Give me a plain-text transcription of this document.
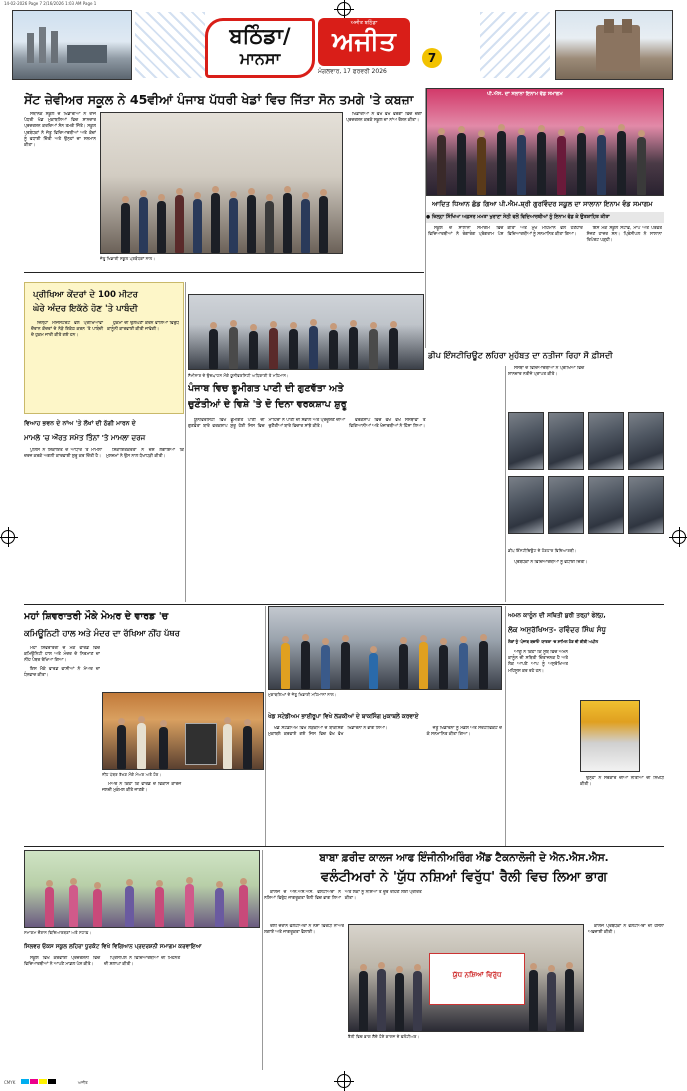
14-02-2026 Page 7 2/16/2026 1:03 AM Page 1
ਬਠਿੰਡਾ/
ਮਾਨਸਾ
ਅਜੀਤ ਬਠਿੰਡਾ
ਅਜੀਤ
ਮੰਗਲਵਾਰ, 17 ਫਰਵਰੀ 2026
7
ਸੇਂਟ ਜ਼ੇਵੀਅਰ ਸਕੂਲ ਨੇ 45ਵੀਆਂ ਪੰਜਾਬ ਪੱਧਰੀ ਖੇਡਾਂ ਵਿਚ ਜਿੱਤਾ ਸੋਨ ਤਮਗੇ 'ਤੇ ਕਬਜ਼ਾ

ਸਥਾਨਕ ਸਕੂਲ ਦੇ ਖਿਡਾਰੀਆਂ ਨੇ ਰਾਜ ਪੱਧਰੀ ਖੇਡ ਮੁਕਾਬਲਿਆਂ ਵਿਚ ਸ਼ਾਨਦਾਰ ਪ੍ਰਦਰਸ਼ਨ ਕਰਦਿਆਂ ਸੋਨ ਤਮਗੇ ਜਿੱਤੇ। ਸਕੂਲ ਪ੍ਰਬੰਧਕਾਂ ਨੇ ਜੇਤੂ ਵਿਦਿਆਰਥੀਆਂ ਅਤੇ ਕੋਚਾਂ ਨੂੰ ਵਧਾਈ ਦਿੱਤੀ ਅਤੇ ਉਨ੍ਹਾਂ ਦਾ ਸਨਮਾਨ ਕੀਤਾ।

ਜੇਤੂ ਖਿਡਾਰੀ ਸਕੂਲ ਪ੍ਰਬੰਧਕਾਂ ਨਾਲ।

ਖਿਡਾਰੀਆਂ ਨੇ ਵੱਖ ਵੱਖ ਵਰਗਾਂ ਵਿਚ ਚੰਗਾ ਪ੍ਰਦਰਸ਼ਨ ਕਰਕੇ ਸਕੂਲ ਦਾ ਨਾਂਅ ਰੌਸ਼ਨ ਕੀਤਾ।

ਪੀ.ਐਸ. ਦਾ ਸਲਾਨਾ ਇਨਾਮ ਵੰਡ ਸਮਾਗਮ
ਆਦਿਤ ਧਿਆਨ ਛੱਡ ਗਿਆ ਪੀ.ਐਮ.ਸ਼੍ਰੀ ਗੁਰਵਿੰਦਰ ਸਕੂਲ ਦਾ ਸਾਲਾਨਾ ਇਨਾਮ ਵੰਡ ਸਮਾਗਮ
● ਜ਼ਿਲ੍ਹਾ ਸਿੱਖਿਆ ਅਫ਼ਸਰ ਮਮਤਾ ਖੁਰਾਣਾ ਸੇਠੀ ਵਲੋਂ ਵਿਦਿਆਰਥੀਆਂ ਨੂੰ ਇਨਾਮ ਵੰਡ ਕੇ ਉਤਸ਼ਾਹਿਤ ਕੀਤਾ

ਸਕੂਲ ਦੇ ਸਾਲਾਨਾ ਸਮਾਗਮ ਵਿਚ ਵਿਦਿਆਰਥੀਆਂ ਨੇ ਰੰਗਾਰੰਗ ਪ੍ਰੋਗਰਾਮ ਪੇਸ਼ ਕੀਤਾ ਅਤੇ ਮੁੱਖ ਮਹਿਮਾਨ ਵਲੋਂ ਹੋਣਹਾਰ ਵਿਦਿਆਰਥੀਆਂ ਨੂੰ ਸਨਮਾਨਿਤ ਕੀਤਾ ਗਿਆ।

ਇਸ ਮੌਕੇ ਸਕੂਲ ਸਟਾਫ਼, ਮਾਪੇ ਅਤੇ ਪਤਵੰਤੇ ਸੱਜਣ ਹਾਜ਼ਰ ਸਨ। ਪ੍ਰਿੰਸੀਪਲ ਨੇ ਸਾਲਾਨਾ ਰਿਪੋਰਟ ਪੜ੍ਹੀ।

ਪ੍ਰੀਖਿਆ ਕੇਂਦਰਾਂ ਦੇ 100 ਮੀਟਰ
ਘੇਰੇ ਅੰਦਰ ਇਕੱਠੇ ਹੋਣ 'ਤੇ ਪਾਬੰਦੀ

ਜ਼ਿਲ੍ਹਾ ਮੈਜਿਸਟਰੇਟ ਵਲੋਂ ਪ੍ਰੀਖਿਆਵਾਂ ਦੌਰਾਨ ਕੇਂਦਰਾਂ ਦੇ ਨੇੜੇ ਇਕੱਠ ਕਰਨ 'ਤੇ ਪਾਬੰਦੀ ਦੇ ਹੁਕਮ ਜਾਰੀ ਕੀਤੇ ਗਏ ਹਨ।

ਹੁਕਮਾਂ ਦੀ ਉਲੰਘਣਾ ਕਰਨ ਵਾਲਿਆਂ ਵਿਰੁੱਧ ਕਾਨੂੰਨੀ ਕਾਰਵਾਈ ਕੀਤੀ ਜਾਵੇਗੀ।

ਸੈਮੀਨਾਰ ਦੇ ਉਦਘਾਟਨ ਮੌਕੇ ਯੂਨੀਵਰਸਿਟੀ ਅਧਿਕਾਰੀ ਤੇ ਮਹਿਮਾਨ।
ਪੰਜਾਬ ਵਿਚ ਭੂਮੀਗਤ ਪਾਣੀ ਦੀ ਗੁਣਵੱਤਾ ਅਤੇ
ਚੁਣੌਤੀਆਂ ਦੇ ਵਿਸ਼ੇ 'ਤੇ ਦੋ ਦਿਨਾ ਵਰਕਸ਼ਾਪ ਸ਼ੁਰੂ

ਯੂਨੀਵਰਸਿਟੀ ਵਿਖੇ ਭੂਮੀਗਤ ਪਾਣੀ ਦੀ ਗੁਣਵੱਤਾ ਬਾਰੇ ਵਰਕਸ਼ਾਪ ਸ਼ੁਰੂ ਹੋਈ ਜਿਸ ਵਿਚ ਮਾਹਿਰਾਂ ਨੇ ਪਾਣੀ ਦੀ ਸੰਭਾਲ ਅਤੇ ਪ੍ਰਦੂਸ਼ਣ ਦੀਆਂ ਚੁਣੌਤੀਆਂ ਬਾਰੇ ਵਿਚਾਰ ਸਾਂਝੇ ਕੀਤੇ।

ਵਰਕਸ਼ਾਪ ਵਿਚ ਵੱਖ ਵੱਖ ਸੰਸਥਾਵਾਂ ਤੋਂ ਵਿਗਿਆਨੀਆਂ ਅਤੇ ਖੋਜਾਰਥੀਆਂ ਨੇ ਹਿੱਸਾ ਲਿਆ।

ਡੀਪ ਇੰਸਟੀਚਿਊਟ ਲਹਿਰਾ ਮੁਹੱਬਤ ਦਾ ਨਤੀਜਾ ਰਿਹਾ ਸੌ ਫ਼ੀਸਦੀ

ਸੰਸਥਾ ਦੇ ਵਿਦਿਆਰਥੀਆਂ ਨੇ ਪ੍ਰੀਖਿਆ ਵਿਚ ਸ਼ਾਨਦਾਰ ਨਤੀਜੇ ਪ੍ਰਾਪਤ ਕੀਤੇ।

ਡੀਪ ਇੰਸਟੀਚਿਊਟ ਦੇ ਹੋਣਹਾਰ ਵਿਦਿਆਰਥੀ।

ਪ੍ਰਬੰਧਕਾਂ ਨੇ ਵਿਦਿਆਰਥੀਆਂ ਨੂੰ ਵਧਾਈ ਦਿੱਤੀ।

ਵਿਆਹ ਭਵਨ ਦੇ ਨਾਂਅ 'ਤੇ ਲੱਖਾਂ ਦੀ ਠੱਗੀ ਮਾਰਨ ਦੇ
ਮਾਮਲੇ 'ਚ ਔਰਤ ਸਮੇਤ ਤਿੰਨਾਂ 'ਤੇ ਮਾਮਲਾ ਦਰਜ

ਪੁਲਿਸ ਨੇ ਸ਼ਿਕਾਇਤ ਦੇ ਆਧਾਰ 'ਤੇ ਮਾਮਲਾ ਦਰਜ ਕਰਕੇ ਅਗਲੀ ਕਾਰਵਾਈ ਸ਼ੁਰੂ ਕਰ ਦਿੱਤੀ ਹੈ।

ਸ਼ਿਕਾਇਤਕਰਤਾ ਨੇ ਦੋਸ਼ ਲਗਾਇਆ ਕਿ ਮੁਲਜ਼ਮਾਂ ਨੇ ਉਸ ਨਾਲ ਧੋਖਾਧੜੀ ਕੀਤੀ।

ਮਹਾਂ ਸ਼ਿਵਰਾਤਰੀ ਮੌਕੇ ਮੇਅਰ ਦੇ ਵਾਰਡ 'ਚ
ਕਮਿਊਨਿਟੀ ਹਾਲ ਅਤੇ ਮੰਦਰ ਦਾ ਰੱਖਿਆ ਨੀਂਹ ਪੱਥਰ

ਮਹਾਂ ਸ਼ਿਵਰਾਤਰੀ ਦੇ ਮੌਕੇ ਵਾਰਡ ਵਿਚ ਕਮਿਊਨਿਟੀ ਹਾਲ ਅਤੇ ਮੰਦਰ ਦੇ ਨਿਰਮਾਣ ਦਾ ਨੀਂਹ ਪੱਥਰ ਰੱਖਿਆ ਗਿਆ।

ਇਸ ਮੌਕੇ ਵਾਰਡ ਵਾਸੀਆਂ ਨੇ ਮੇਅਰ ਦਾ ਧੰਨਵਾਦ ਕੀਤਾ।

ਨੀਂਹ ਪੱਥਰ ਰੱਖਣ ਮੌਕੇ ਮੇਅਰ ਅਤੇ ਹੋਰ।

ਮੇਅਰ ਨੇ ਕਿਹਾ ਕਿ ਵਾਰਡ ਦੇ ਵਿਕਾਸ ਕਾਰਜ ਜਲਦੀ ਮੁਕੰਮਲ ਕੀਤੇ ਜਾਣਗੇ।

ਮੁਕਾਬਲਿਆਂ ਦੇ ਜੇਤੂ ਖਿਡਾਰੀ ਮਹਿਮਾਨਾਂ ਨਾਲ।
ਖੇਡ ਸਟੇਡੀਅਮ ਭਾਈਰੂਪਾ ਵਿਖੇ ਲੜਕੀਆਂ ਦੇ ਬਾਕਸਿੰਗ ਮੁਕਾਬਲੇ ਕਰਵਾਏ

ਖੇਡ ਸਟੇਡੀਅਮ ਵਿਖੇ ਲੜਕੀਆਂ ਦੇ ਬਾਕਸਿੰਗ ਮੁਕਾਬਲੇ ਕਰਵਾਏ ਗਏ ਜਿਸ ਵਿਚ ਵੱਖ ਵੱਖ ਖਿਡਾਰਨਾਂ ਨੇ ਭਾਗ ਲਿਆ।	ਜੇਤੂ ਖਿਡਾਰਨਾਂ ਨੂੰ ਮੈਡਲ ਅਤੇ ਸਰਟੀਫਿਕੇਟ ਦੇ ਕੇ ਸਨਮਾਨਿਤ ਕੀਤਾ ਗਿਆ।

ਅਮਨ ਕਾਨੂੰਨ ਦੀ ਸਥਿਤੀ ਬੁਰੀ ਤਰ੍ਹਾਂ ਫੇਲ੍ਹ,
ਲੋਕ ਅਸੁਰੱਖਿਅਤ- ਰਵਿੰਦਰ ਸਿੰਘ ਸੰਧੂ
ਲੋਕਾਂ ਨੂੰ 'ਪੰਜਾਬ ਬਚਾਓ' ਯਾਤਰਾ 'ਚ ਸ਼ਾਮਿਲ ਹੋਣ ਦੀ ਕੀਤੀ ਅਪੀਲ

ਆਗੂ ਨੇ ਕਿਹਾ ਕਿ ਸੂਬੇ ਵਿਚ ਅਮਨ ਕਾਨੂੰਨ ਦੀ ਸਥਿਤੀ ਚਿੰਤਾਜਨਕ ਹੈ ਅਤੇ ਲੋਕ ਆਪਣੇ ਆਪ ਨੂੰ ਅਸੁਰੱਖਿਅਤ ਮਹਿਸੂਸ ਕਰ ਰਹੇ ਹਨ।

ਉਨ੍ਹਾਂ ਨੇ ਸਰਕਾਰ ਦੀਆਂ ਨੀਤੀਆਂ ਦੀ ਨਿਖੇਧੀ ਕੀਤੀ।

ਸਮਾਗਮ ਦੌਰਾਨ ਵਿਦਿਆਰਥਣਾਂ ਅਤੇ ਸਟਾਫ਼।
ਸਿਲਵਰ ਓਕਸ ਸਕੂਲ ਲਹਿਰਾ ਧੂਰਕੋਟ ਵਿਖੇ ਵਿਗਿਆਨ ਪ੍ਰਦਰਸ਼ਨੀ ਸਮਾਗਮ ਕਰਵਾਇਆ

ਸਕੂਲ ਵਿਖੇ ਕਰਵਾਈ ਪ੍ਰਦਰਸ਼ਨੀ ਵਿਚ ਵਿਦਿਆਰਥੀਆਂ ਨੇ ਆਪਣੇ ਮਾਡਲ ਪੇਸ਼ ਕੀਤੇ।

ਪ੍ਰਿੰਸੀਪਲ ਨੇ ਵਿਦਿਆਰਥੀਆਂ ਦੀ ਮਿਹਨਤ ਦੀ ਸ਼ਲਾਘਾ ਕੀਤੀ।

ਬਾਬਾ ਫ਼ਰੀਦ ਕਾਲਜ ਆਫ ਇੰਜੀਨੀਅਰਿੰਗ ਐਂਡ ਟੈਕਨਾਲੋਜੀ ਦੇ ਐਨ.ਐਸ.ਐਸ.
ਵਲੰਟੀਅਰਾਂ ਨੇ 'ਯੁੱਧ ਨਸ਼ਿਆਂ ਵਿਰੁੱਧ' ਰੈਲੀ ਵਿਚ ਲਿਆ ਭਾਗ

ਕਾਲਜ ਦੇ ਐਨ.ਐਸ.ਐਸ. ਵਲੰਟੀਅਰਾਂ ਨੇ ਨਸ਼ਿਆਂ ਵਿਰੁੱਧ ਜਾਗਰੂਕਤਾ ਰੈਲੀ ਵਿਚ ਭਾਗ ਲਿਆ ਅਤੇ ਲੋਕਾਂ ਨੂੰ ਨਸ਼ਿਆਂ ਤੋਂ ਦੂਰ ਰਹਿਣ ਲਈ ਪ੍ਰੇਰਿਤ ਕੀਤਾ।

ਯੁੱਧ ਨਸ਼ਿਆਂ ਵਿਰੁੱਧ
ਰੈਲੀ ਵਿਚ ਭਾਗ ਲੈਂਦੇ ਹੋਏ ਕਾਲਜ ਦੇ ਵਲੰਟੀਅਰ।

ਰੈਲੀ ਦੌਰਾਨ ਵਲੰਟੀਅਰਾਂ ਨੇ ਨਸ਼ਾ ਵਿਰੋਧੀ ਨਾਅਰੇ ਲਗਾਏ ਅਤੇ ਜਾਗਰੂਕਤਾ ਫੈਲਾਈ।

ਕਾਲਜ ਪ੍ਰਬੰਧਕਾਂ ਨੇ ਵਲੰਟੀਅਰਾਂ ਦੀ ਹੌਸਲਾ ਅਫ਼ਜ਼ਾਈ ਕੀਤੀ।

CMYK	ਅਜੀਤ
